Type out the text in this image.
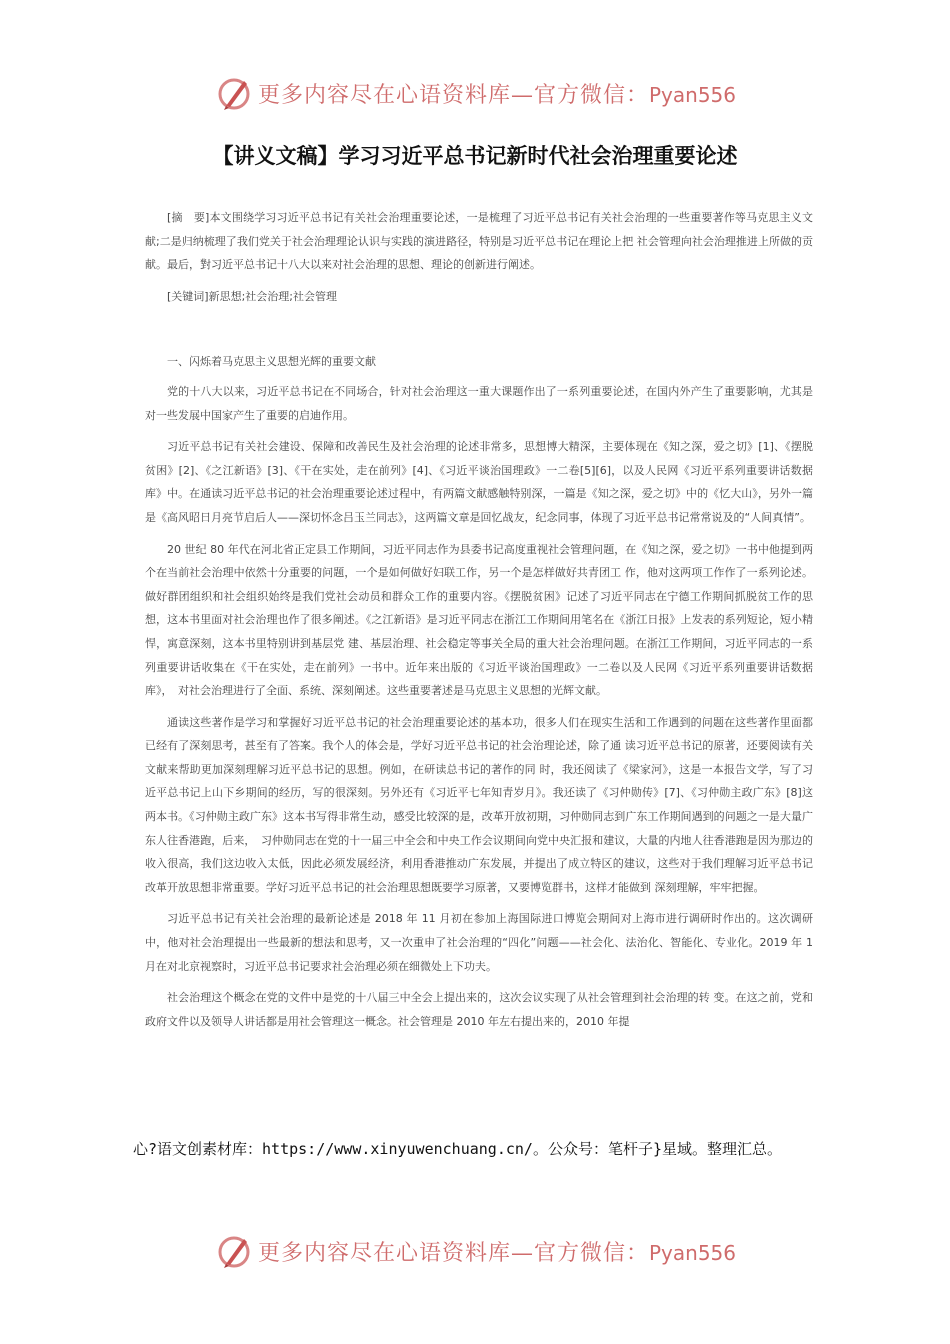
更多内容尽在心语资料库—官方微信：Pyan556
【讲义文稿】学习习近平总书记新时代社会治理重要论述

[摘　要]本文围绕学习习近平总书记有关社会治理重要论述，一是梳理了习近平总书记有关社会治理的一些重要著作等马克思主义文献;二是归纳梳理了我们党关于社会治理理论认识与实践的演进路径，特别是习近平总书记在理论上把 社会管理向社会治理推进上所做的贡献。最后，對习近平总书记十八大以来对社会治理的思想、理论的创新进行阐述。

[关键词]新思想;社会治理;社会管理

一、闪烁着马克思主义思想光辉的重要文献

党的十八大以来，习近平总书记在不同场合，针对社会治理这一重大课题作出了一系列重要论述，在国内外产生了重要影响，尤其是对一些发展中国家产生了重要的启迪作用。

习近平总书记有关社会建设、保障和改善民生及社会治理的论述非常多，思想博大精深，主要体现在《知之深，爱之切》[1]、《摆脱贫困》[2]、《之江新语》[3]、《干在实处，走在前列》[4]、《习近平谈治国理政》一二卷[5][6]，以及人民网《习近平系列重要讲话数据库》中。在通读习近平总书记的社会治理重要论述过程中，有两篇文献感触特别深，一篇是《知之深，爱之切》中的《忆大山》，另外一篇是《高风昭日月亮节启后人——深切怀念吕玉兰同志》，这两篇文章是回忆战友，纪念同事，体现了习近平总书记常常说及的“人间真情”。

20 世纪 80 年代在河北省正定县工作期间，习近平同志作为县委书记高度重视社会管理问题，在《知之深，爱之切》一书中他提到两个在当前社会治理中依然十分重要的问题，一个是如何做好妇联工作，另一个是怎样做好共青团工 作，他对这两项工作作了一系列论述。做好群团组织和社会组织始终是我们党社会动员和群众工作的重要内容。《摆脱贫困》记述了习近平同志在宁德工作期间抓脱贫工作的思想，这本书里面对社会治理也作了很多阐述。《之江新语》是习近平同志在浙江工作期间用笔名在《浙江日报》上发表的系列短论，短小精悍，寓意深刻，这本书里特别讲到基层党 建、基层治理、社会稳定等事关全局的重大社会治理问题。在浙江工作期间，习近平同志的一系列重要讲话收集在《干在实处，走在前列》一书中。近年来出版的《习近平谈治国理政》一二卷以及人民网《习近平系列重要讲话数据库》，　对社会治理进行了全面、系统、深刻阐述。这些重要著述是马克思主义思想的光辉文献。

通读这些著作是学习和掌握好习近平总书记的社会治理重要论述的基本功，很多人们在现实生活和工作遇到的问题在这些著作里面都已经有了深刻思考，甚至有了答案。我个人的体会是，学好习近平总书记的社会治理论述，除了通 读习近平总书记的原著，还要阅读有关文献来帮助更加深刻理解习近平总书记的思想。例如，在研读总书记的著作的同 时，我还阅读了《梁家河》，这是一本报告文学，写了习近平总书记上山下乡期间的经历，写的很深刻。另外还有《习近平七年知青岁月》。我还读了《习仲勋传》[7]、《习仲勋主政广东》[8]这两本书。《习仲勋主政广东》这本书写得非常生动，感受比较深的是，改革开放初期，习仲勋同志到广东工作期间遇到的问题之一是大量广东人往香港跑，后来，　习仲勋同志在党的十一届三中全会和中央工作会议期间向党中央汇报和建议，大量的内地人往香港跑是因为那边的收入很高，我们这边收入太低，因此必须发展经济，利用香港推动广东发展，并提出了成立特区的建议，这些对于我们理解习近平总书记改革开放思想非常重要。学好习近平总书记的社会治理思想既要学习原著，又要博览群书，这样才能做到 深刻理解，牢牢把握。

习近平总书记有关社会治理的最新论述是 2018 年 11 月初在参加上海国际进口博览会期间对上海市进行调研时作出的。这次调研中，他对社会治理提出一些最新的想法和思考，又一次重申了社会治理的“四化”问题——社会化、法治化、智能化、专业化。2019 年 1 月在对北京视察时，习近平总书记要求社会治理必须在细微处上下功夫。

社会治理这个概念在党的文件中是党的十八届三中全会上提出来的，这次会议实现了从社会管理到社会治理的转 变。在这之前，党和政府文件以及领导人讲话都是用社会管理这一概念。社会管理是 2010 年左右提出来的，2010 年提

心?语文创素材库：https://www.xinyuwenchuang.cn/。公众号：笔杆子}星域。整理汇总。
更多内容尽在心语资料库—官方微信：Pyan556
